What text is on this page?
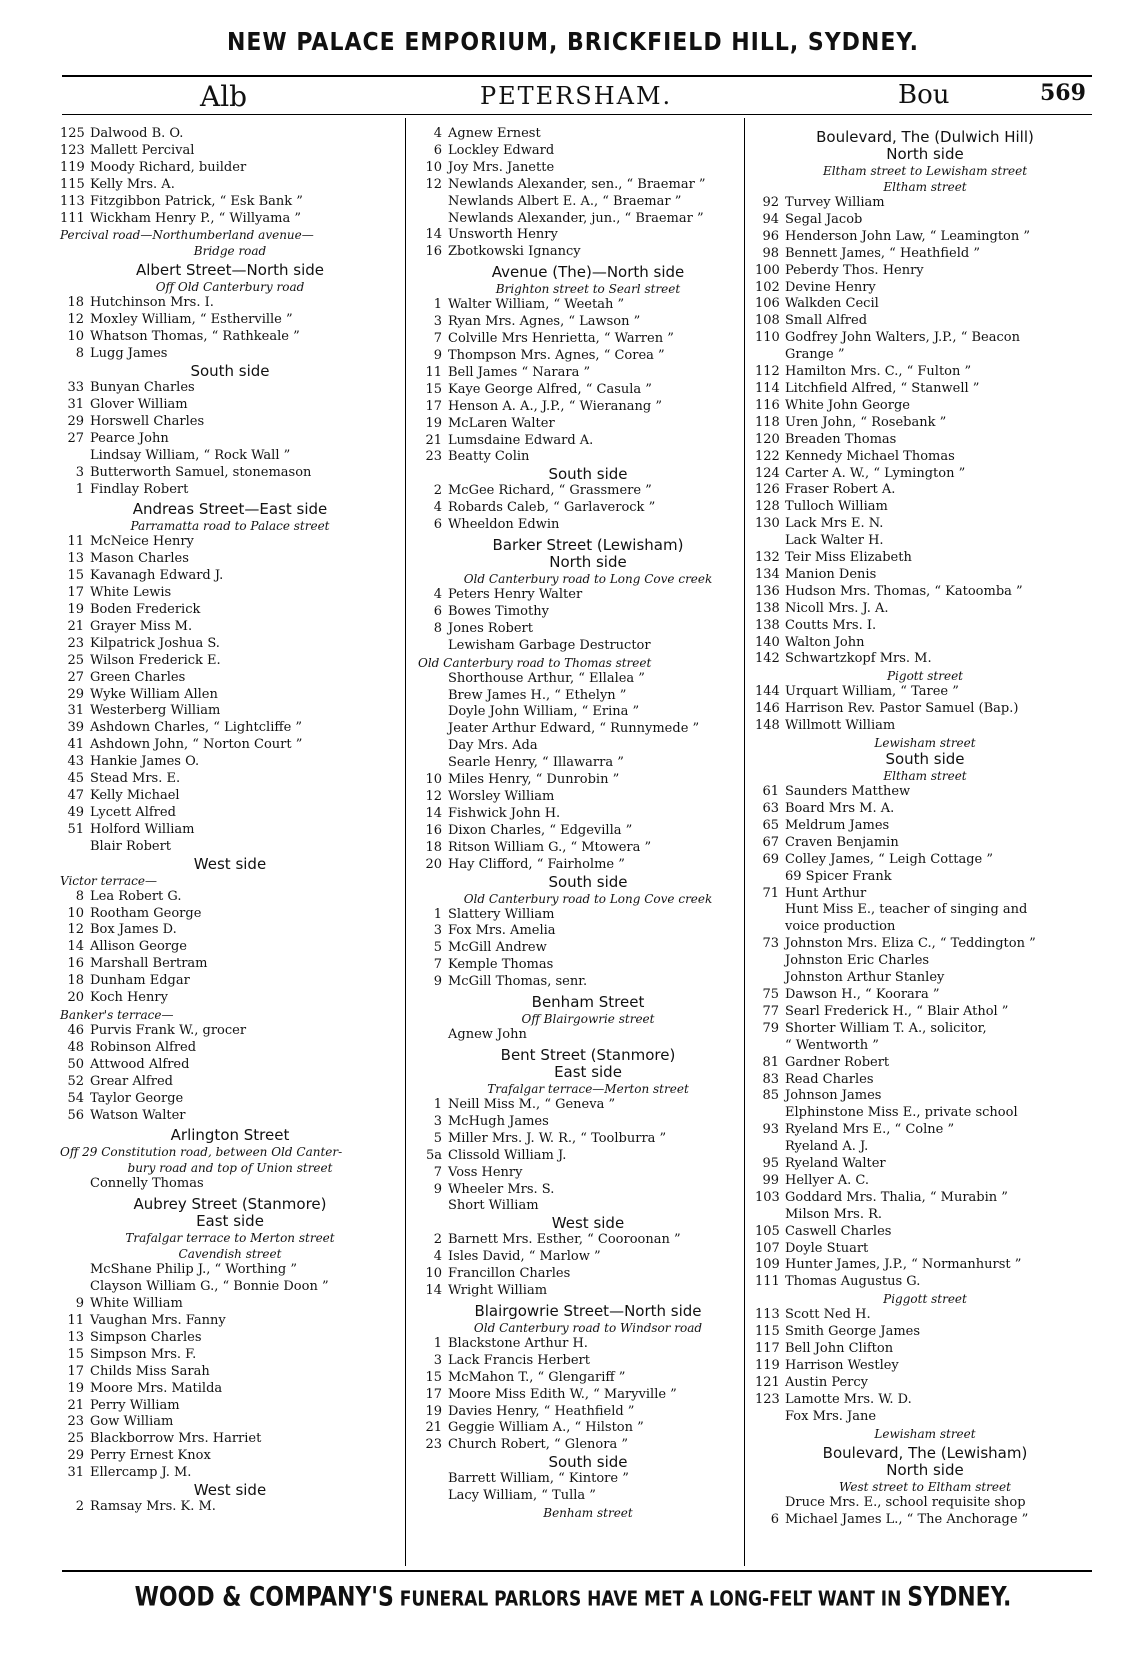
NEW PALACE EMPORIUM, BRICKFIELD HILL, SYDNEY.
Alb	PETERSHAM.	Bou	569
125 Dalwood B. O.
123 Mallett Percival
119 Moody Richard, builder
115 Kelly Mrs. A.
113 Fitzgibbon Patrick, “ Esk Bank ”
111 Wickham Henry P., “ Willyama ”
Percival road—Northumberland avenue—
Bridge road
Albert Street—North side
Off Old Canterbury road
18 Hutchinson Mrs. I.
12 Moxley William, “ Estherville ”
10 Whatson Thomas, “ Rathkeale ”
8 Lugg James
South side
33 Bunyan Charles
31 Glover William
29 Horswell Charles
27 Pearce John
Lindsay William, “ Rock Wall ”
3 Butterworth Samuel, stonemason
1 Findlay Robert
Andreas Street—East side
Parramatta road to Palace street
11 McNeice Henry
13 Mason Charles
15 Kavanagh Edward J.
17 White Lewis
19 Boden Frederick
21 Grayer Miss M.
23 Kilpatrick Joshua S.
25 Wilson Frederick E.
27 Green Charles
29 Wyke William Allen
31 Westerberg William
39 Ashdown Charles, “ Lightcliffe ”
41 Ashdown John, “ Norton Court ”
43 Hankie James O.
45 Stead Mrs. E.
47 Kelly Michael
49 Lycett Alfred
51 Holford William
Blair Robert
West side
Victor terrace—
8 Lea Robert G.
10 Rootham George
12 Box James D.
14 Allison George
16 Marshall Bertram
18 Dunham Edgar
20 Koch Henry
Banker's terrace—
46 Purvis Frank W., grocer
48 Robinson Alfred
50 Attwood Alfred
52 Grear Alfred
54 Taylor George
56 Watson Walter
Arlington Street
Off 29 Constitution road, between Old Canter-
bury road and top of Union street
Connelly Thomas
Aubrey Street (Stanmore)
East side
Trafalgar terrace to Merton street
Cavendish street
McShane Philip J., “ Worthing ”
Clayson William G., “ Bonnie Doon ”
9 White William
11 Vaughan Mrs. Fanny
13 Simpson Charles
15 Simpson Mrs. F.
17 Childs Miss Sarah
19 Moore Mrs. Matilda
21 Perry William
23 Gow William
25 Blackborrow Mrs. Harriet
29 Perry Ernest Knox
31 Ellercamp J. M.
West side
2 Ramsay Mrs. K. M.
4 Agnew Ernest
6 Lockley Edward
10 Joy Mrs. Janette
12 Newlands Alexander, sen., “ Braemar ”
Newlands Albert E. A., “ Braemar ”
Newlands Alexander, jun., “ Braemar ”
14 Unsworth Henry
16 Zbotkowski Ignancy
Avenue (The)—North side
Brighton street to Searl street
1 Walter William, “ Weetah ”
3 Ryan Mrs. Agnes, “ Lawson ”
7 Colville Mrs Henrietta, “ Warren ”
9 Thompson Mrs. Agnes, “ Corea ”
11 Bell James “ Narara ”
15 Kaye George Alfred, “ Casula ”
17 Henson A. A., J.P., “ Wieranang ”
19 McLaren Walter
21 Lumsdaine Edward A.
23 Beatty Colin
South side
2 McGee Richard, “ Grassmere ”
4 Robards Caleb, “ Garlaverock ”
6 Wheeldon Edwin
Barker Street (Lewisham)
North side
Old Canterbury road to Long Cove creek
4 Peters Henry Walter
6 Bowes Timothy
8 Jones Robert
Lewisham Garbage Destructor
Old Canterbury road to Thomas street
Shorthouse Arthur, “ Ellalea ”
Brew James H., “ Ethelyn ”
Doyle John William, “ Erina ”
Jeater Arthur Edward, “ Runnymede ”
Day Mrs. Ada
Searle Henry, “ Illawarra ”
10 Miles Henry, “ Dunrobin ”
12 Worsley William
14 Fishwick John H.
16 Dixon Charles, “ Edgevilla ”
18 Ritson William G., “ Mtowera ”
20 Hay Clifford, “ Fairholme ”
South side
Old Canterbury road to Long Cove creek
1 Slattery William
3 Fox Mrs. Amelia
5 McGill Andrew
7 Kemple Thomas
9 McGill Thomas, senr.
Benham Street
Off Blairgowrie street
Agnew John
Bent Street (Stanmore)
East side
Trafalgar terrace—Merton street
1 Neill Miss M., “ Geneva ”
3 McHugh James
5 Miller Mrs. J. W. R., “ Toolburra ”
5a Clissold William J.
7 Voss Henry
9 Wheeler Mrs. S.
Short William
West side
2 Barnett Mrs. Esther, “ Cooroonan ”
4 Isles David, “ Marlow ”
10 Francillon Charles
14 Wright William
Blairgowrie Street—North side
Old Canterbury road to Windsor road
1 Blackstone Arthur H.
3 Lack Francis Herbert
15 McMahon T., “ Glengariff ”
17 Moore Miss Edith W., “ Maryville ”
19 Davies Henry, “ Heathfield ”
21 Geggie William A., “ Hilston ”
23 Church Robert, “ Glenora ”
South side
Barrett William, “ Kintore ”
Lacy William, “ Tulla ”
Benham street
Boulevard, The (Dulwich Hill)
North side
Eltham street to Lewisham street
Eltham street
92 Turvey William
94 Segal Jacob
96 Henderson John Law, “ Leamington ”
98 Bennett James, “ Heathfield ”
100 Peberdy Thos. Henry
102 Devine Henry
106 Walkden Cecil
108 Small Alfred
110 Godfrey John Walters, J.P., “ Beacon
Grange ”
112 Hamilton Mrs. C., “ Fulton ”
114 Litchfield Alfred, “ Stanwell ”
116 White John George
118 Uren John, “ Rosebank ”
120 Breaden Thomas
122 Kennedy Michael Thomas
124 Carter A. W., “ Lymington ”
126 Fraser Robert A.
128 Tulloch William
130 Lack Mrs E. N.
Lack Walter H.
132 Teir Miss Elizabeth
134 Manion Denis
136 Hudson Mrs. Thomas, “ Katoomba ”
138 Nicoll Mrs. J. A.
138 Coutts Mrs. I.
140 Walton John
142 Schwartzkopf Mrs. M.
Pigott street
144 Urquart William, “ Taree ”
146 Harrison Rev. Pastor Samuel (Bap.)
148 Willmott William
Lewisham street
South side
Eltham street
61 Saunders Matthew
63 Board Mrs M. A.
65 Meldrum James
67 Craven Benjamin
69 Colley James, “ Leigh Cottage ”
69 Spicer Frank
71 Hunt Arthur
Hunt Miss E., teacher of singing and
voice production
73 Johnston Mrs. Eliza C., “ Teddington ”
Johnston Eric Charles
Johnston Arthur Stanley
75 Dawson H., “ Koorara ”
77 Searl Frederick H., “ Blair Athol ”
79 Shorter William T. A., solicitor,
“ Wentworth ”
81 Gardner Robert
83 Read Charles
85 Johnson James
Elphinstone Miss E., private school
93 Ryeland Mrs E., “ Colne ”
Ryeland A. J.
95 Ryeland Walter
99 Hellyer A. C.
103 Goddard Mrs. Thalia, “ Murabin ”
Milson Mrs. R.
105 Caswell Charles
107 Doyle Stuart
109 Hunter James, J.P., “ Normanhurst ”
111 Thomas Augustus G.
Piggott street
113 Scott Ned H.
115 Smith George James
117 Bell John Clifton
119 Harrison Westley
121 Austin Percy
123 Lamotte Mrs. W. D.
Fox Mrs. Jane
Lewisham street
Boulevard, The (Lewisham)
North side
West street to Eltham street
Druce Mrs. E., school requisite shop
6 Michael James L., “ The Anchorage ”
WOOD & COMPANY'S FUNERAL PARLORS HAVE MET A LONG-FELT WANT IN SYDNEY.
